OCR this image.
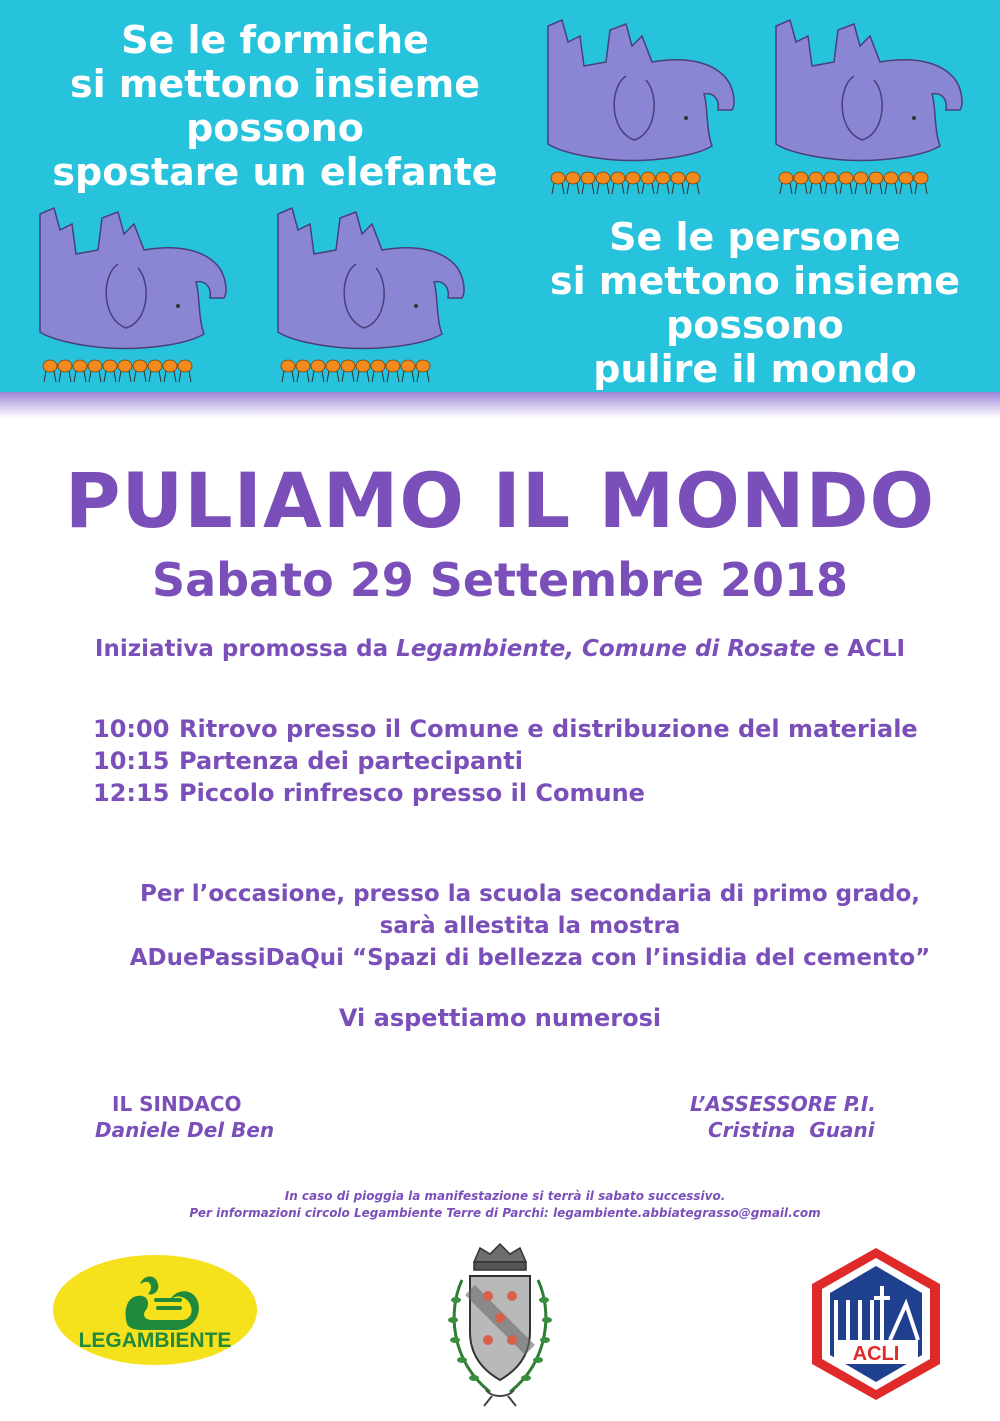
Se le formiche
si mettono insieme
possono
spostare un elefante
Se le persone
si mettono insieme
possono
pulire il mondo
PULIAMO IL MONDO
Sabato 29 Settembre 2018
Iniziativa promossa da Legambiente, Comune di Rosate e ACLI
10:00 Ritrovo presso il Comune e distribuzione del materiale
10:15 Partenza dei partecipanti
12:15 Piccolo rinfresco presso il Comune
Per l’occasione, presso la scuola secondaria di primo grado,
sarà allestita la mostra
ADuePassiDaQui “Spazi di bellezza con l’insidia del cemento”
Vi aspettiamo numerosi
IL SINDACO
Daniele Del Ben
L’ASSESSORE P.I.
Cristina  Guani
In caso di pioggia la manifestazione si terrà il sabato successivo.
Per informazioni circolo Legambiente Terre di Parchi: legambiente.abbiategrasso@gmail.com
LEGAMBIENTE
ACLI
